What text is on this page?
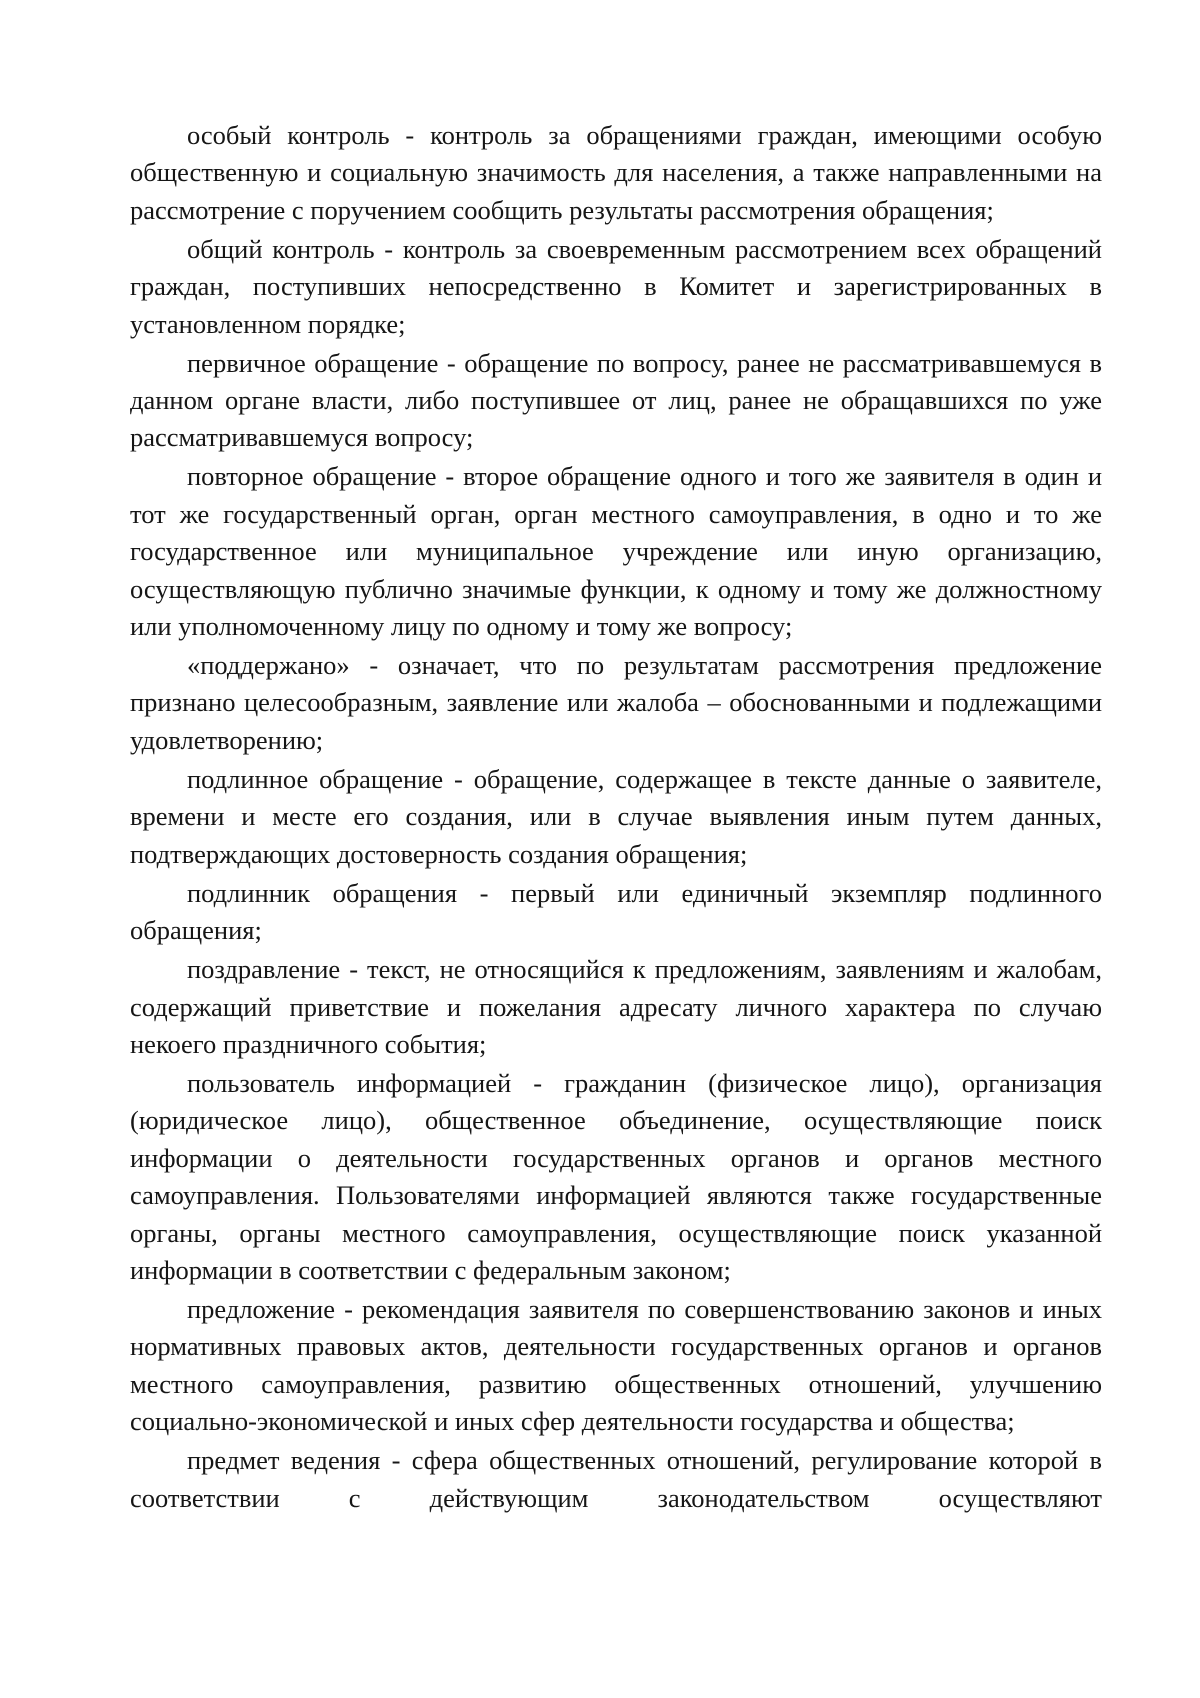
особый контроль - контроль за обращениями граждан, имеющими особую общественную и социальную значимость для населения, а также направленными на рассмотрение с поручением сообщить результаты рассмотрения обращения;

общий контроль - контроль за своевременным рассмотрением всех обращений граждан, поступивших непосредственно в Комитет и зарегистрированных в установленном порядке;

первичное обращение - обращение по вопросу, ранее не рассматривавшемуся в данном органе власти, либо поступившее от лиц, ранее не обращавшихся по уже рассматривавшемуся вопросу;

повторное обращение - второе обращение одного и того же заявителя в один и тот же государственный орган, орган местного самоуправления, в одно и то же государственное или муниципальное учреждение или иную организацию, осуществляющую публично значимые функции, к одному и тому же должностному или уполномоченному лицу по одному и тому же вопросу;

«поддержано» - означает, что по результатам рассмотрения предложение признано целесообразным, заявление или жалоба – обоснованными и подлежащими удовлетворению;

подлинное обращение - обращение, содержащее в тексте данные о заявителе, времени и месте его создания, или в случае выявления иным путем данных, подтверждающих достоверность создания обращения;

подлинник обращения - первый или единичный экземпляр подлинного обращения;

поздравление - текст, не относящийся к предложениям, заявлениям и жалобам, содержащий приветствие и пожелания адресату личного характера по случаю некоего праздничного события;

пользователь информацией - гражданин (физическое лицо), организация (юридическое лицо), общественное объединение, осуществляющие поиск информации о деятельности государственных органов и органов местного самоуправления. Пользователями информацией являются также государственные органы, органы местного самоуправления, осуществляющие поиск указанной информации в соответствии с федеральным законом;

предложение - рекомендация заявителя по совершенствованию законов и иных нормативных правовых актов, деятельности государственных органов и органов местного самоуправления, развитию общественных отношений, улучшению социально-экономической и иных сфер деятельности государства и общества;

предмет ведения - сфера общественных отношений, регулирование которой в соответствии с действующим законодательством осуществляют
